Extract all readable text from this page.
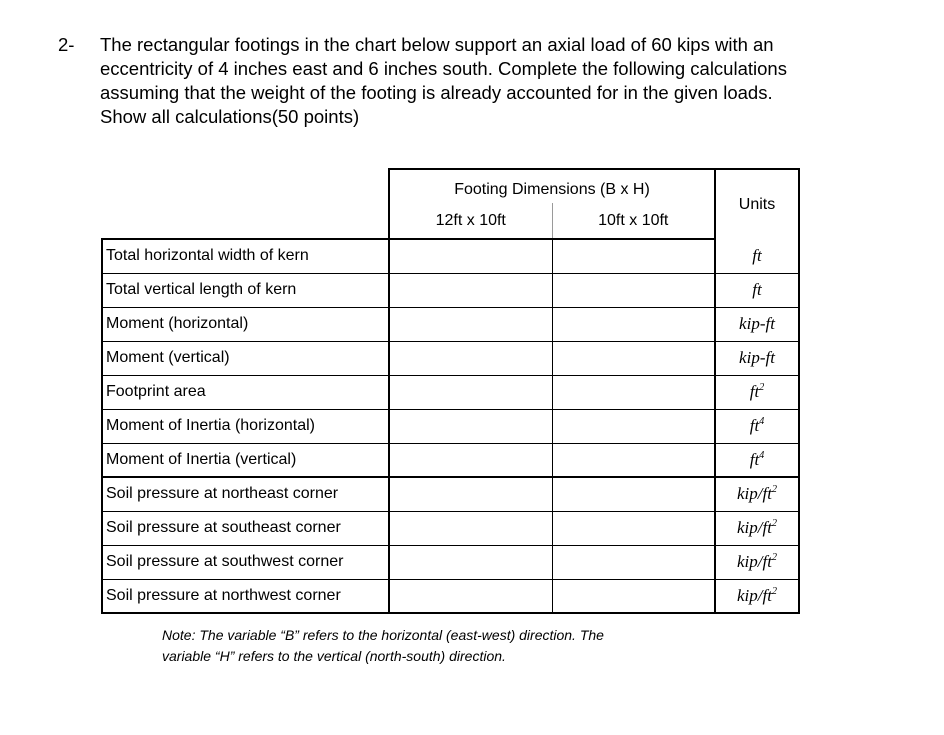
2- The rectangular footings in the chart below support an axial load of 60 kips with an
eccentricity of 4 inches east and 6 inches south. Complete the following calculations
assuming that the weight of the footing is already accounted for in the given loads.
Show all calculations(50 points)
	Footing Dimensions (B x H)		Units
	12ft x 10ft	10ft x 10ft	
Total horizontal width of kern			ft
Total vertical length of kern			ft
Moment (horizontal)			kip-ft
Moment (vertical)			kip-ft
Footprint area			$ft^2$
Moment of Inertia (horizontal)			$ft^4$
Moment of Inertia (vertical)			$ft^4$
Soil pressure at northeast corner			kip/$ft^2$
Soil pressure at southeast corner			kip/$ft^2$
Soil pressure at southwest corner			kip/$ft^2$
Soil pressure at northwest corner			kip/$ft^2$
Note: The variable “B” refers to the horizontal (east-west) direction. The
variable “H” refers to the vertical (north-south) direction.
